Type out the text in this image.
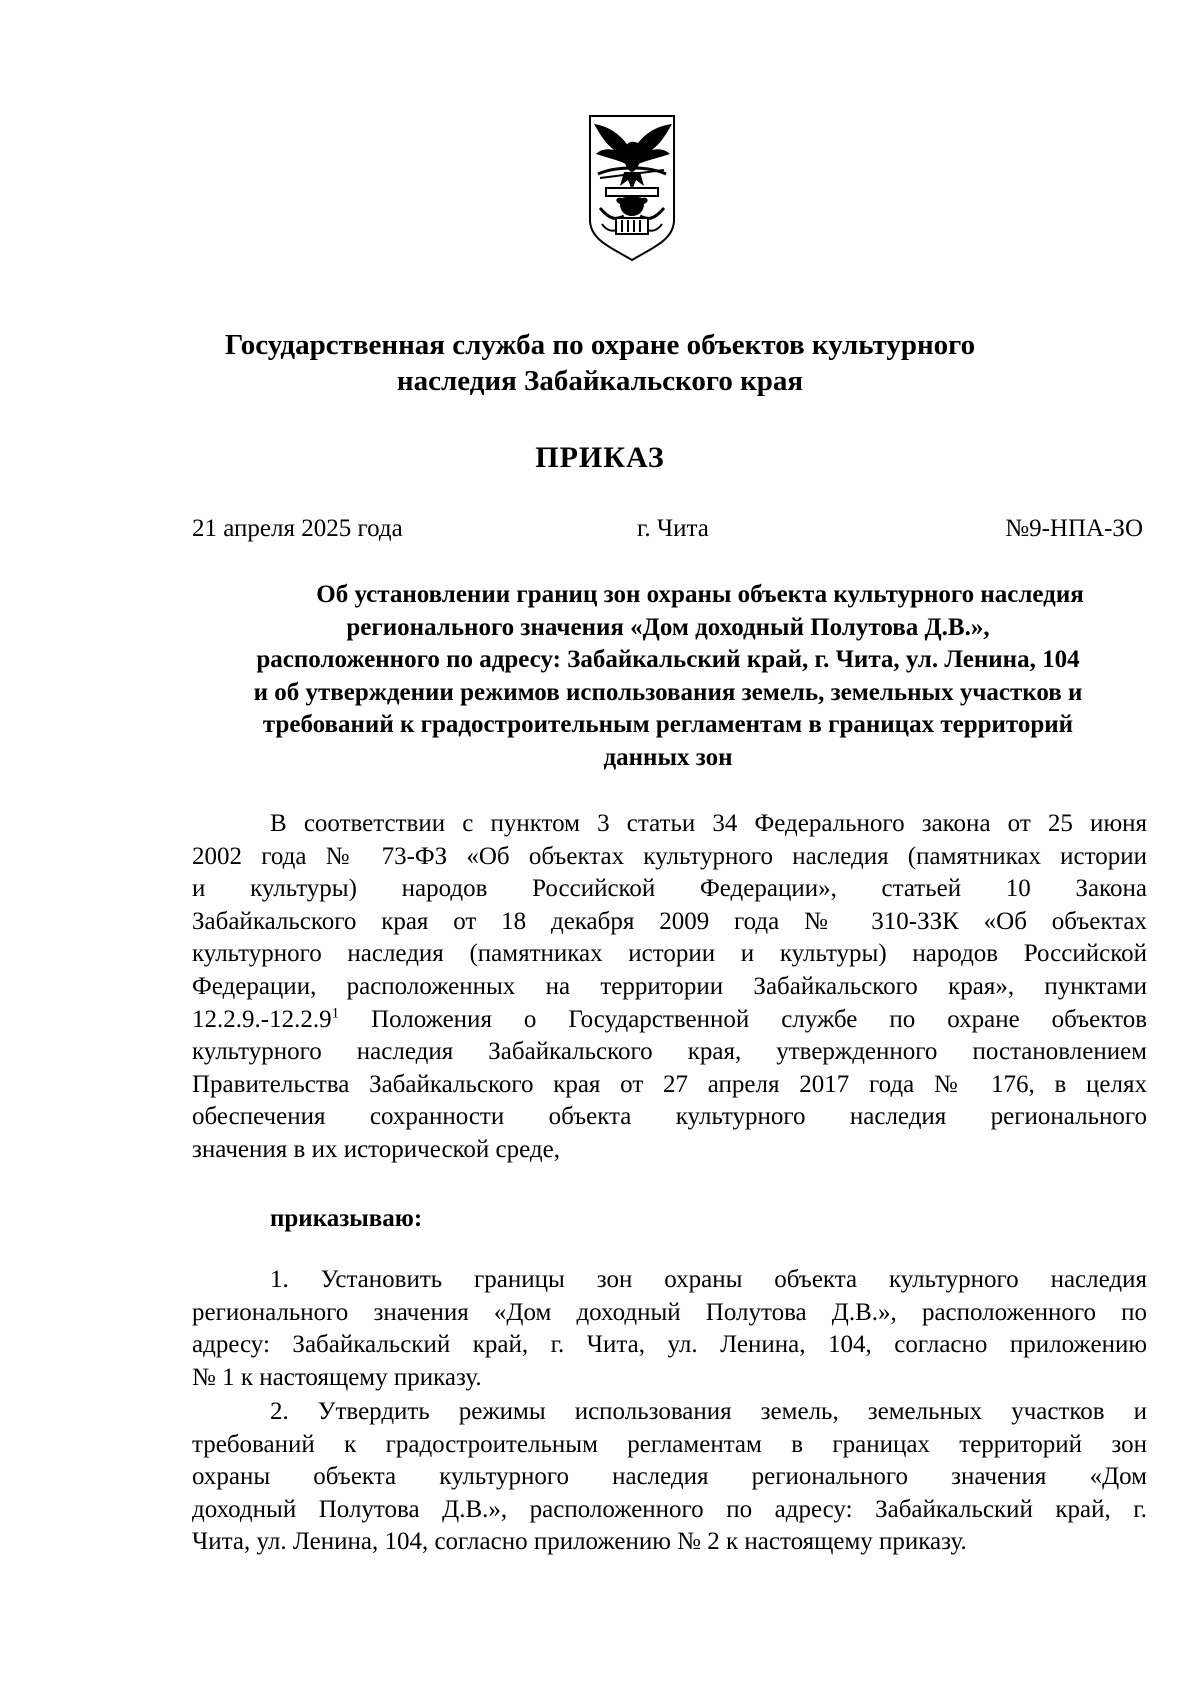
Государственная служба по охране объектов культурного
наследия Забайкальского края
ПРИКАЗ
21 апреля 2025 года	г. Чита	№9-НПА-ЗО
Об установлении границ зон охраны объекта культурного наследия
регионального значения «Дом доходный Полутова Д.В.»,
расположенного по адресу: Забайкальский край, г. Чита, ул. Ленина, 104
и об утверждении режимов использования земель, земельных участков и
требований к градостроительным регламентам в границах территорий
данных зон
В соответствии с пунктом 3 статьи 34 Федерального закона от 25 июня
2002 года № 73-ФЗ «Об объектах культурного наследия (памятниках истории
и культуры) народов Российской Федерации», статьей 10 Закона
Забайкальского края от 18 декабря 2009 года № 310-ЗЗК «Об объектах
культурного наследия (памятниках истории и культуры) народов Российской
Федерации, расположенных на территории Забайкальского края», пунктами
12.2.9.-12.2.9$^1$ Положения о Государственной службе по охране объектов
культурного наследия Забайкальского края, утвержденного постановлением
Правительства Забайкальского края от 27 апреля 2017 года № 176, в целях
обеспечения сохранности объекта культурного наследия регионального
значения в их исторической среде,
приказываю:
1. Установить границы зон охраны объекта культурного наследия
регионального значения «Дом доходный Полутова Д.В.», расположенного по
адресу: Забайкальский край, г. Чита, ул. Ленина, 104, согласно приложению
№ 1 к настоящему приказу.
2. Утвердить режимы использования земель, земельных участков и
требований к градостроительным регламентам в границах территорий зон
охраны объекта культурного наследия регионального значения «Дом
доходный Полутова Д.В.», расположенного по адресу: Забайкальский край, г.
Чита, ул. Ленина, 104, согласно приложению № 2 к настоящему приказу.
